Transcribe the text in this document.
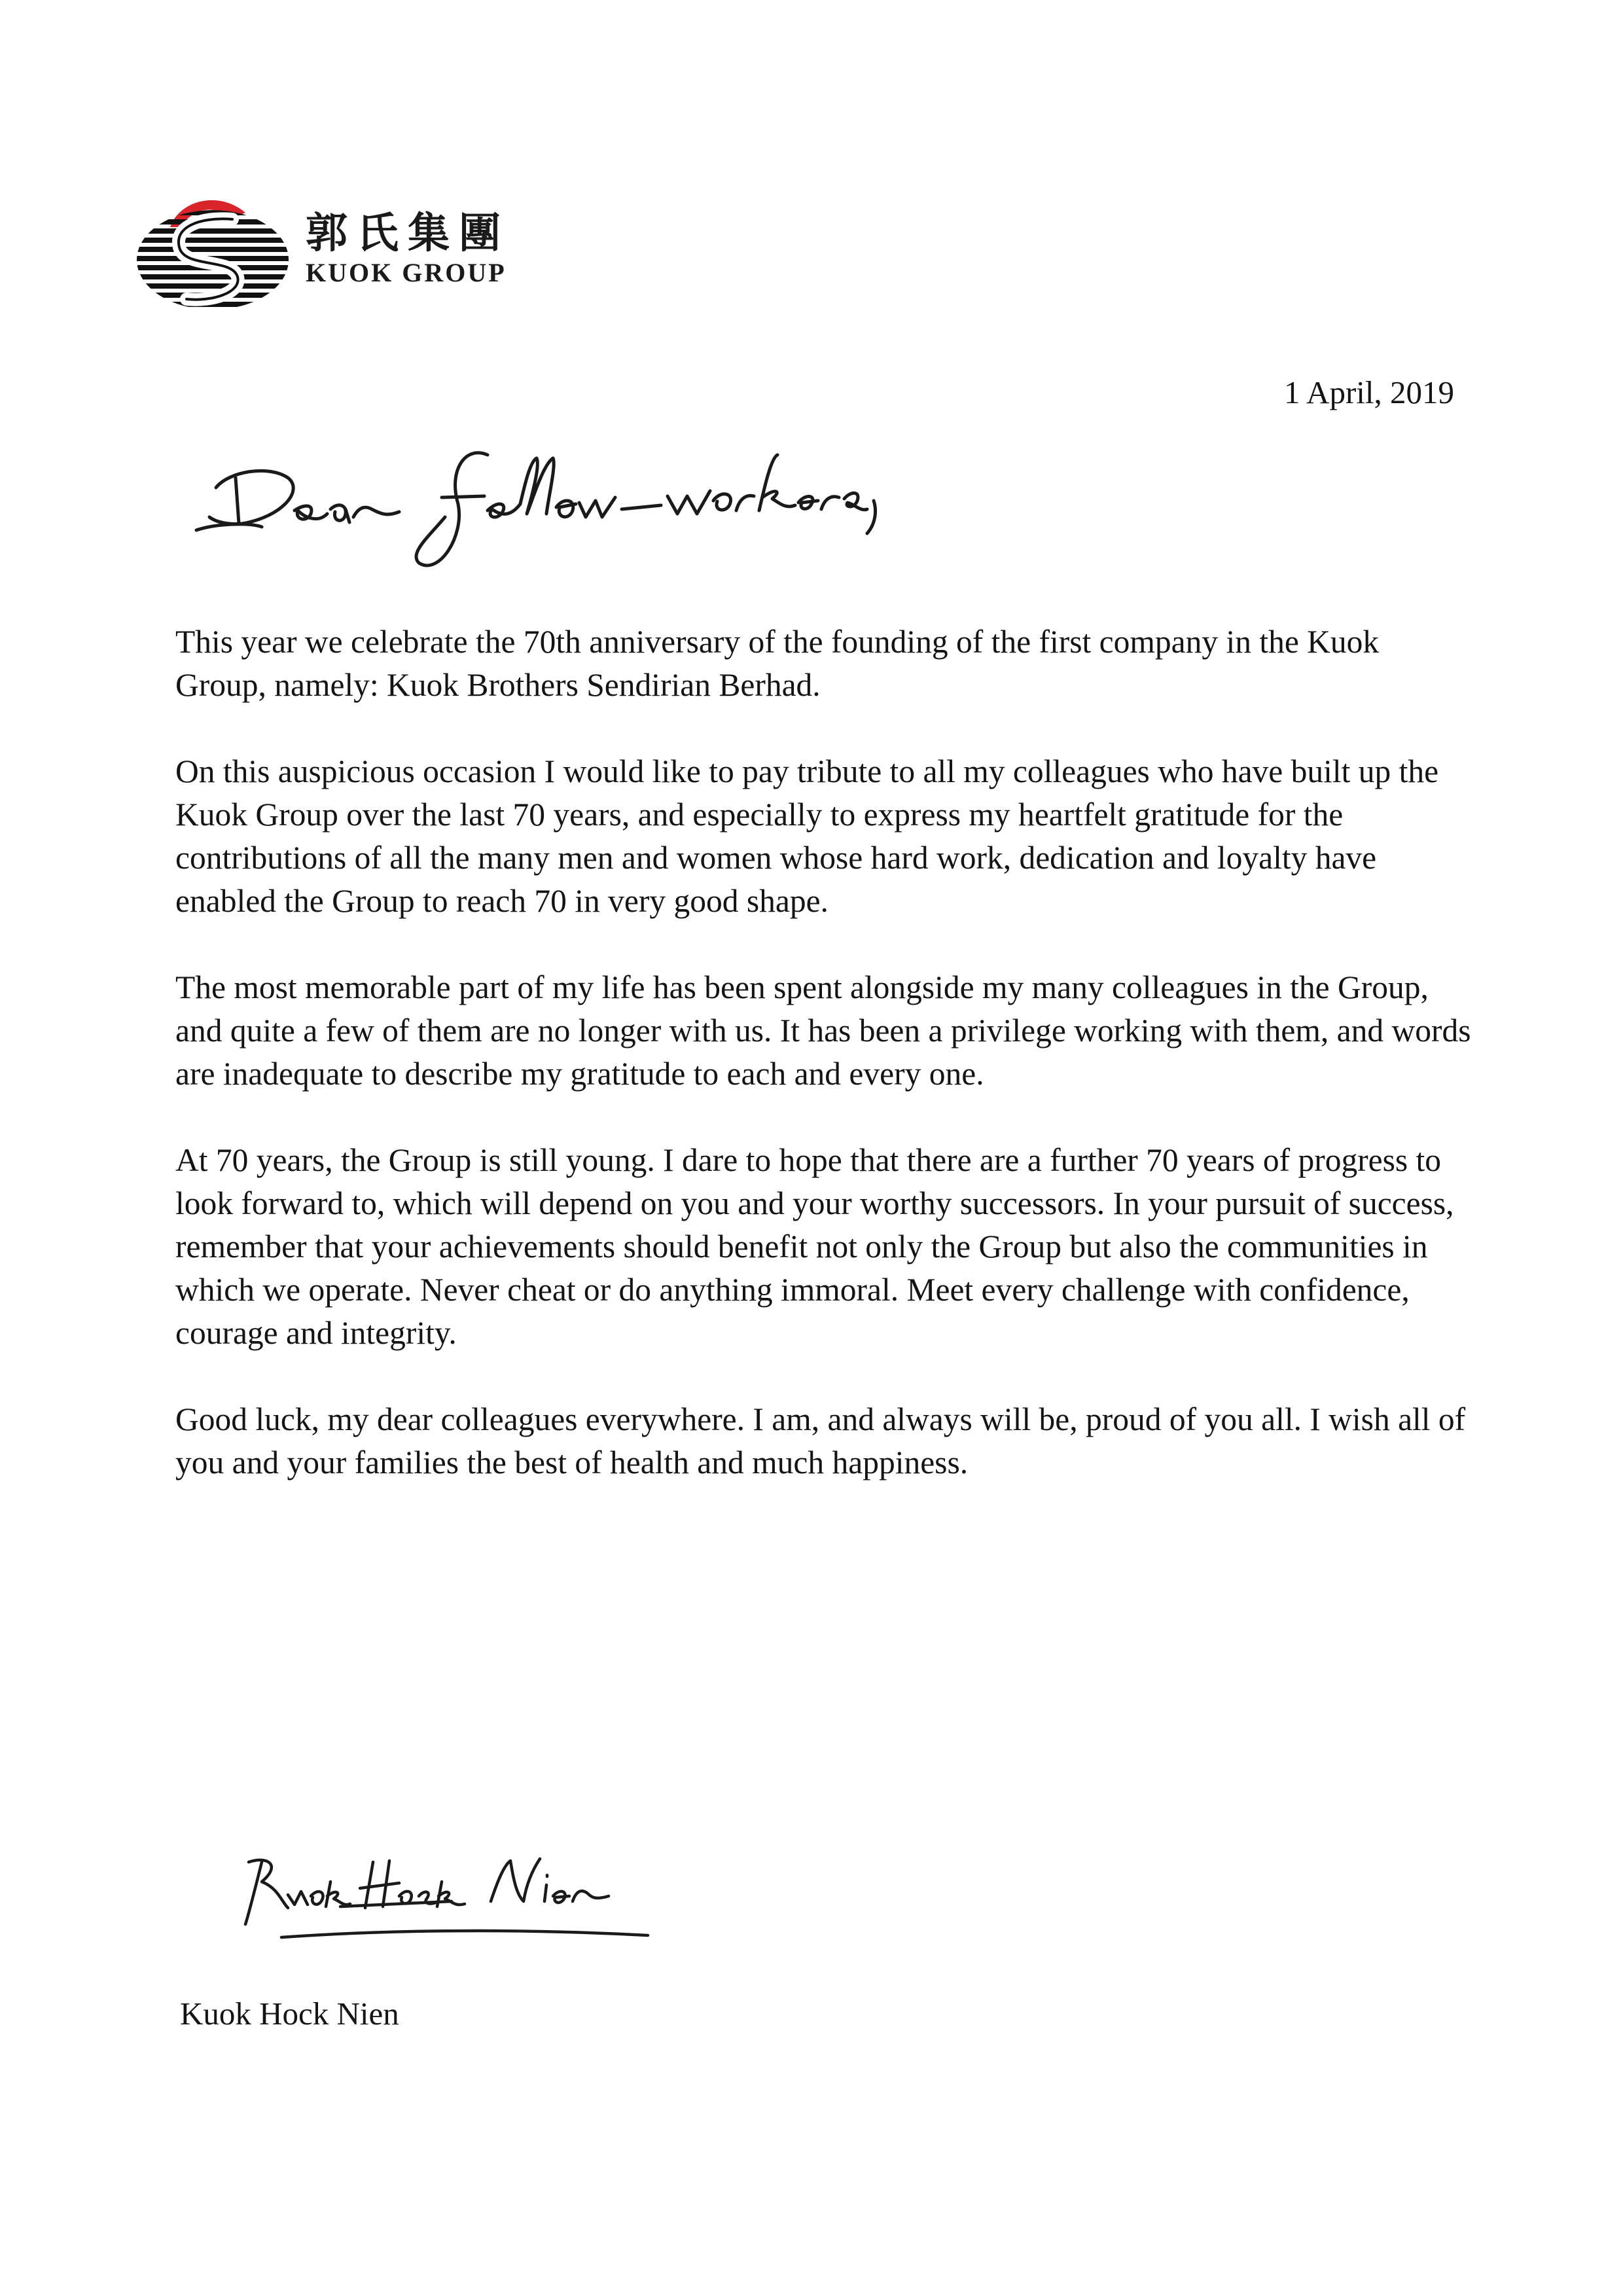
郭氏集團
KUOK GROUP
1 April, 2019

This year we celebrate the 70th anniversary of the founding of the first company in the Kuok Group, namely: Kuok Brothers Sendirian Berhad.

On this auspicious occasion I would like to pay tribute to all my colleagues who have built up the Kuok Group over the last 70 years, and especially to express my heartfelt gratitude for the contributions of all the many men and women whose hard work, dedication and loyalty have enabled the Group to reach 70 in very good shape.

The most memorable part of my life has been spent alongside my many colleagues in the Group, and quite a few of them are no longer with us. It has been a privilege working with them, and words are inadequate to describe my gratitude to each and every one.

At 70 years, the Group is still young. I dare to hope that there are a further 70 years of progress to look forward to, which will depend on you and your worthy successors. In your pursuit of success, remember that your achievements should benefit not only the Group but also the communities in which we operate. Never cheat or do anything immoral. Meet every challenge with confidence, courage and integrity.

Good luck, my dear colleagues everywhere. I am, and always will be, proud of you all. I wish all of you and your families the best of health and much happiness.

Kuok Hock Nien
